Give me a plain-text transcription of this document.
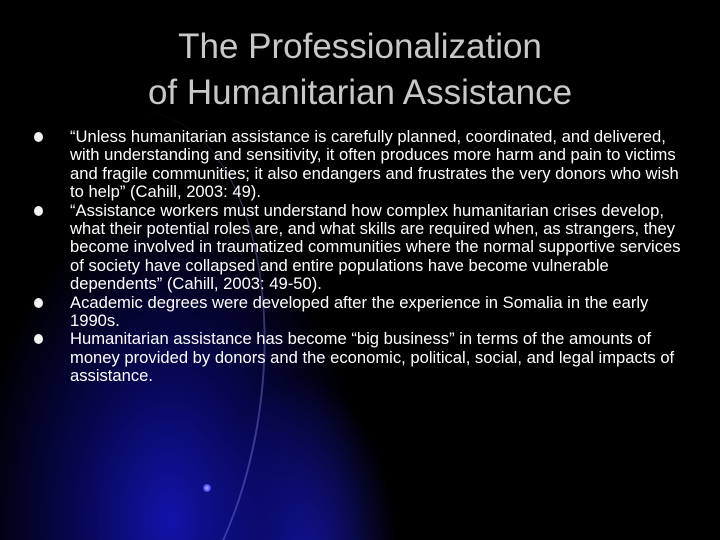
The Professionalization
of Humanitarian Assistance
“Unless humanitarian assistance is carefully planned, coordinated, and delivered, with understanding and sensitivity, it often produces more harm and pain to victims and fragile communities; it also endangers and frustrates the very donors who wish to help” (Cahill, 2003: 49).
“Assistance workers must understand how complex humanitarian crises develop, what their potential roles are, and what skills are required when, as strangers, they become involved in traumatized communities where the normal supportive services of society have collapsed and entire populations have become vulnerable dependents” (Cahill, 2003: 49-50).
Academic degrees were developed after the experience in Somalia in the early 1990s.
Humanitarian assistance has become “big business” in terms of the amounts of money provided by donors and the economic, political, social, and legal impacts of assistance.
